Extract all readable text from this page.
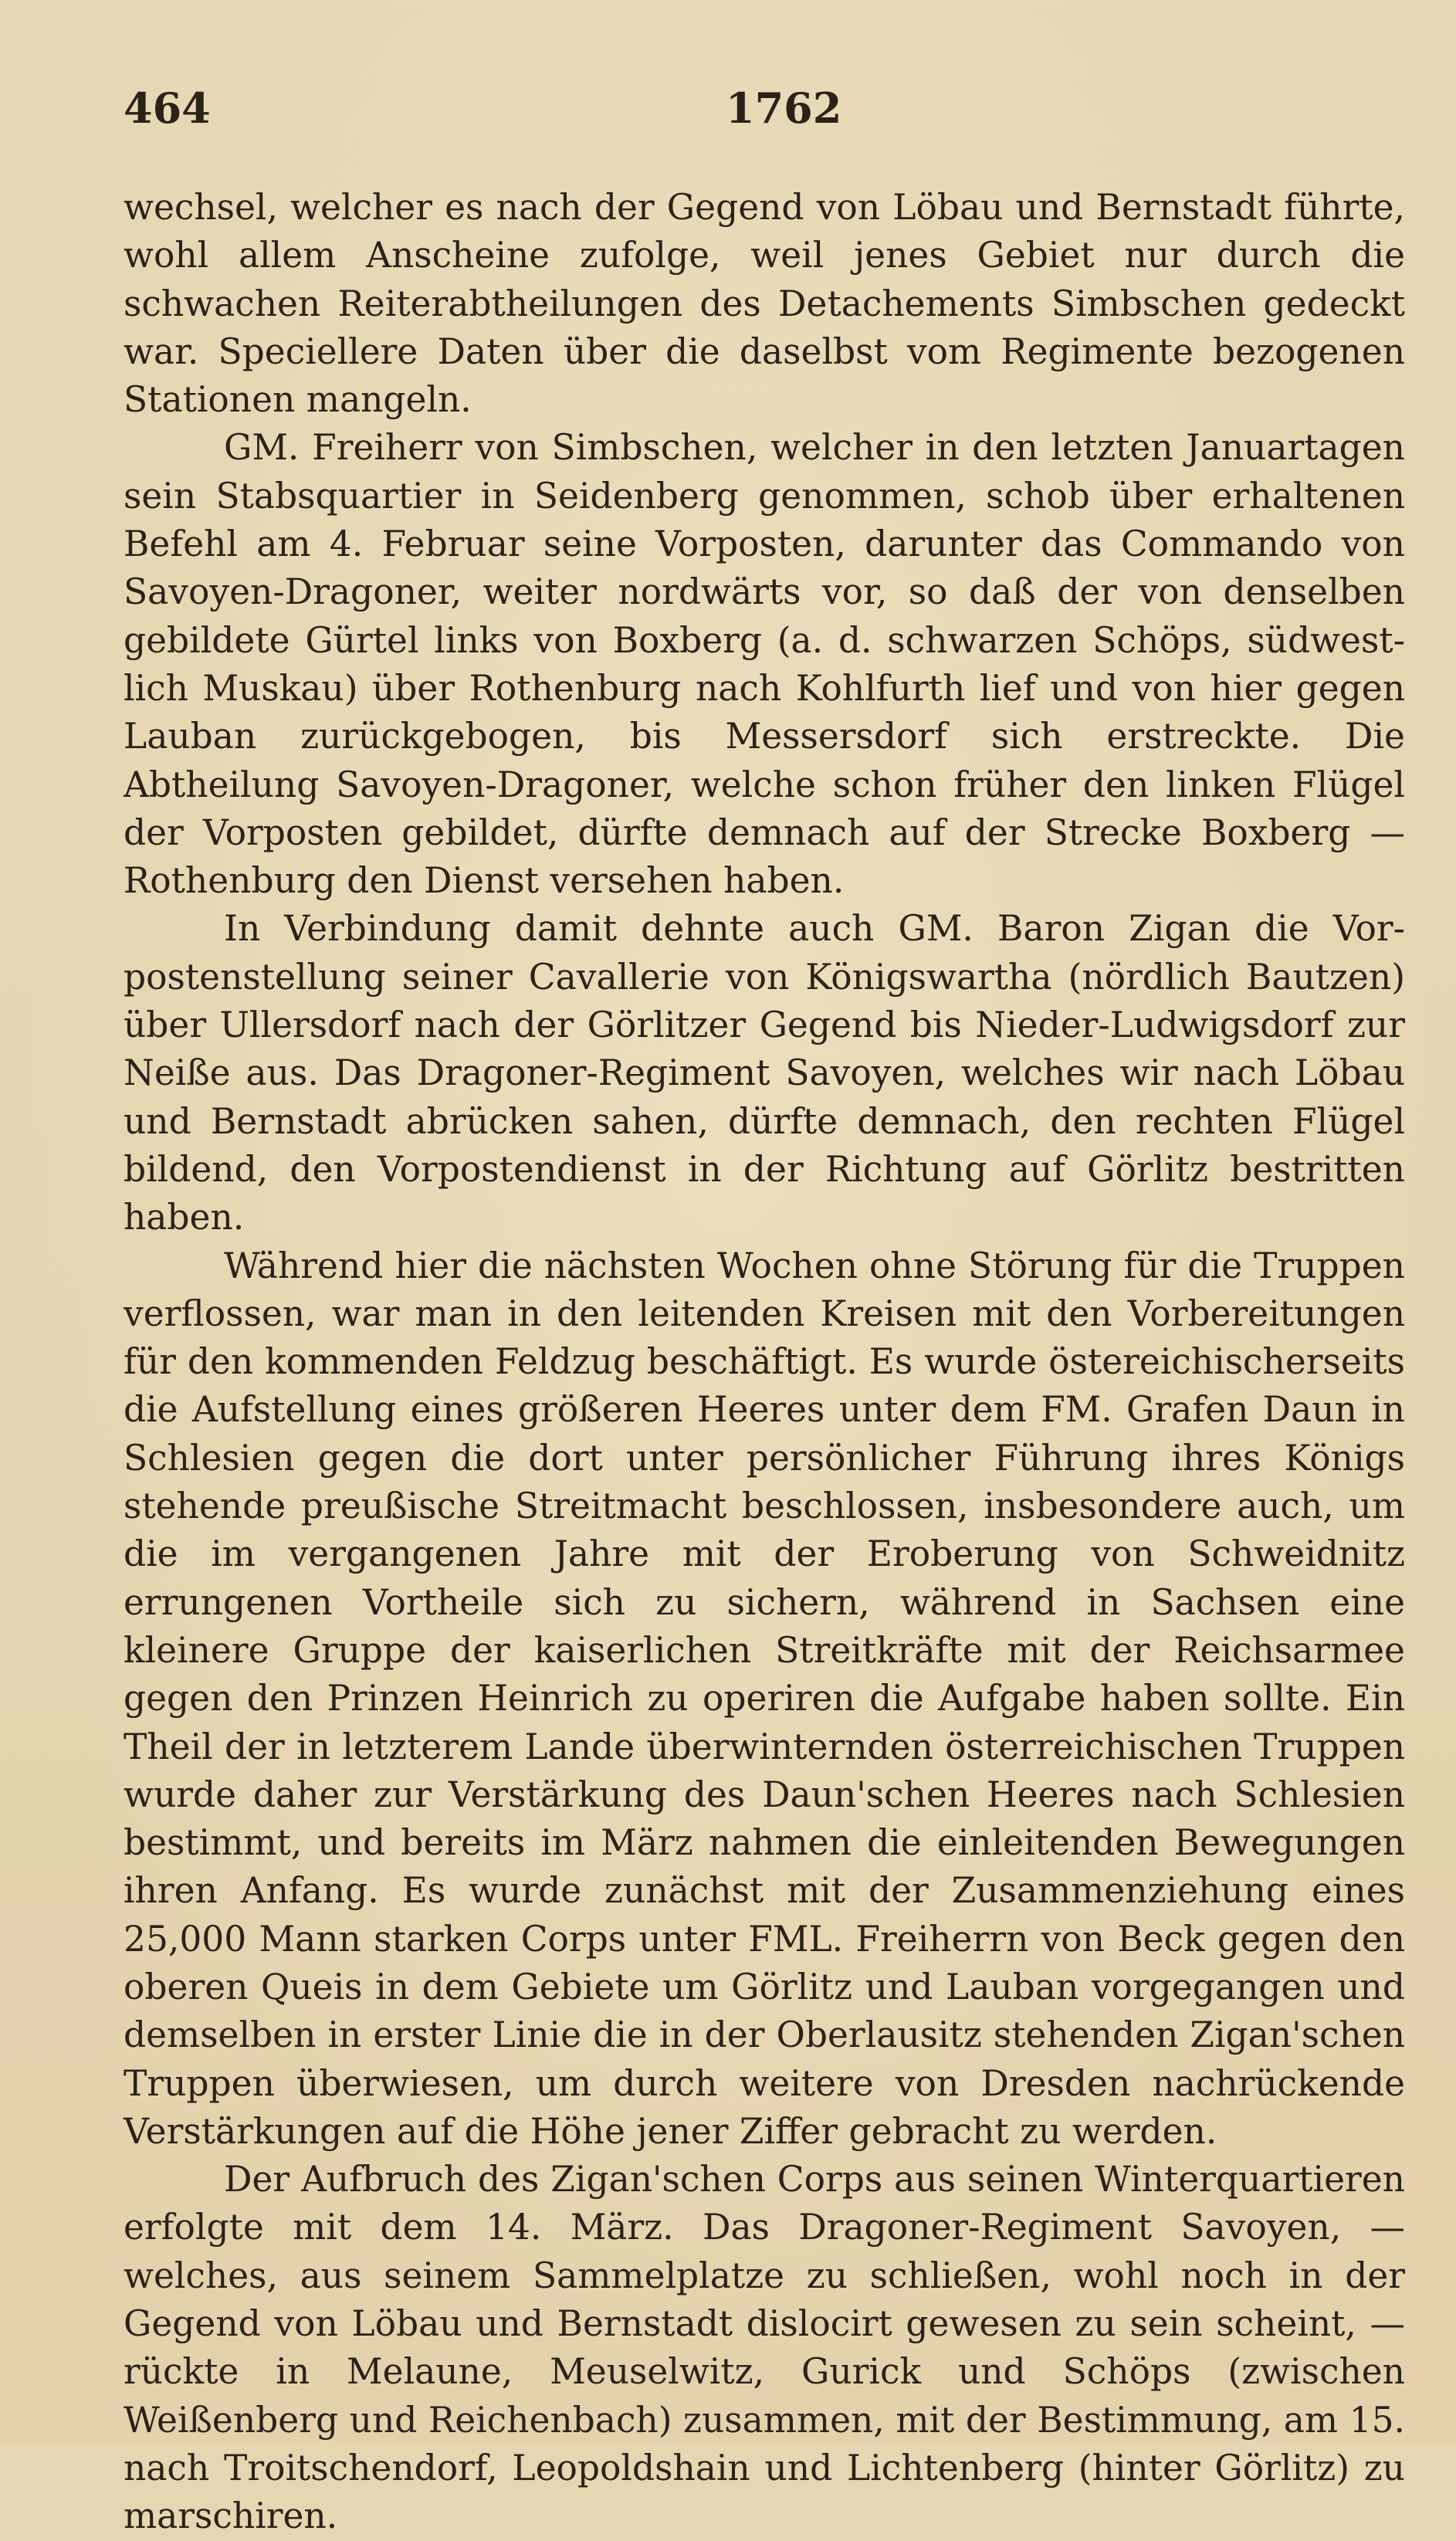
464	1762

wechsel, welcher es nach der Gegend von Löbau und Bernstadt führte, wohl allem Anscheine zufolge, weil jenes Gebiet nur durch die schwachen Reiterabtheilungen des Detachements Simbschen gedeckt war. Speciellere Daten über die daselbst vom Regimente bezogenen Stationen mangeln.

GM. Freiherr von Simbschen, welcher in den letzten Januartagen sein Stabsquartier in Seidenberg genommen, schob über erhaltenen Befehl am 4. Februar seine Vorposten, darunter das Commando von Savoyen-Dragoner, weiter nordwärts vor, so daß der von denselben gebildete Gürtel links von Boxberg (a. d. schwarzen Schöps, südwestlich Muskau) über Rothenburg nach Kohlfurth lief und von hier gegen Lauban zurückgebogen, bis Messersdorf sich erstreckte. Die Abtheilung Savoyen-Dragoner, welche schon früher den linken Flügel der Vorposten gebildet, dürfte demnach auf der Strecke Boxberg — Rothenburg den Dienst versehen haben.

In Verbindung damit dehnte auch GM. Baron Zigan die Vorpostenstellung seiner Cavallerie von Königswartha (nördlich Bautzen) über Ullersdorf nach der Görlitzer Gegend bis Nieder-Ludwigsdorf zur Neiße aus. Das Dragoner-Regiment Savoyen, welches wir nach Löbau und Bernstadt abrücken sahen, dürfte demnach, den rechten Flügel bildend, den Vorpostendienst in der Richtung auf Görlitz bestritten haben.

Während hier die nächsten Wochen ohne Störung für die Truppen verflossen, war man in den leitenden Kreisen mit den Vorbereitungen für den kommenden Feldzug beschäftigt. Es wurde östereichischerseits die Aufstellung eines größeren Heeres unter dem FM. Grafen Daun in Schlesien gegen die dort unter persönlicher Führung ihres Königs stehende preußische Streitmacht beschlossen, insbesondere auch, um die im vergangenen Jahre mit der Eroberung von Schweidnitz errungenen Vortheile sich zu sichern, während in Sachsen eine kleinere Gruppe der kaiserlichen Streitkräfte mit der Reichsarmee gegen den Prinzen Heinrich zu operiren die Aufgabe haben sollte. Ein Theil der in letzterem Lande überwinternden österreichischen Truppen wurde daher zur Verstärkung des Daun'schen Heeres nach Schlesien bestimmt, und bereits im März nahmen die einleitenden Bewegungen ihren Anfang. Es wurde zunächst mit der Zusammenziehung eines 25,000 Mann starken Corps unter FML. Freiherrn von Beck gegen den oberen Queis in dem Gebiete um Görlitz und Lauban vorgegangen und demselben in erster Linie die in der Oberlausitz stehenden Zigan'schen Truppen überwiesen, um durch weitere von Dresden nachrückende Verstärkungen auf die Höhe jener Ziffer gebracht zu werden.

Der Aufbruch des Zigan'schen Corps aus seinen Winterquartieren erfolgte mit dem 14. März. Das Dragoner-Regiment Savoyen, — welches, aus seinem Sammelplatze zu schließen, wohl noch in der Gegend von Löbau und Bernstadt dislocirt gewesen zu sein scheint, — rückte in Melaune, Meuselwitz, Gurick und Schöps (zwischen Weißenberg und Reichenbach) zusammen, mit der Bestimmung, am 15. nach Troitschendorf, Leopoldshain und Lichtenberg (hinter Görlitz) zu marschiren.
